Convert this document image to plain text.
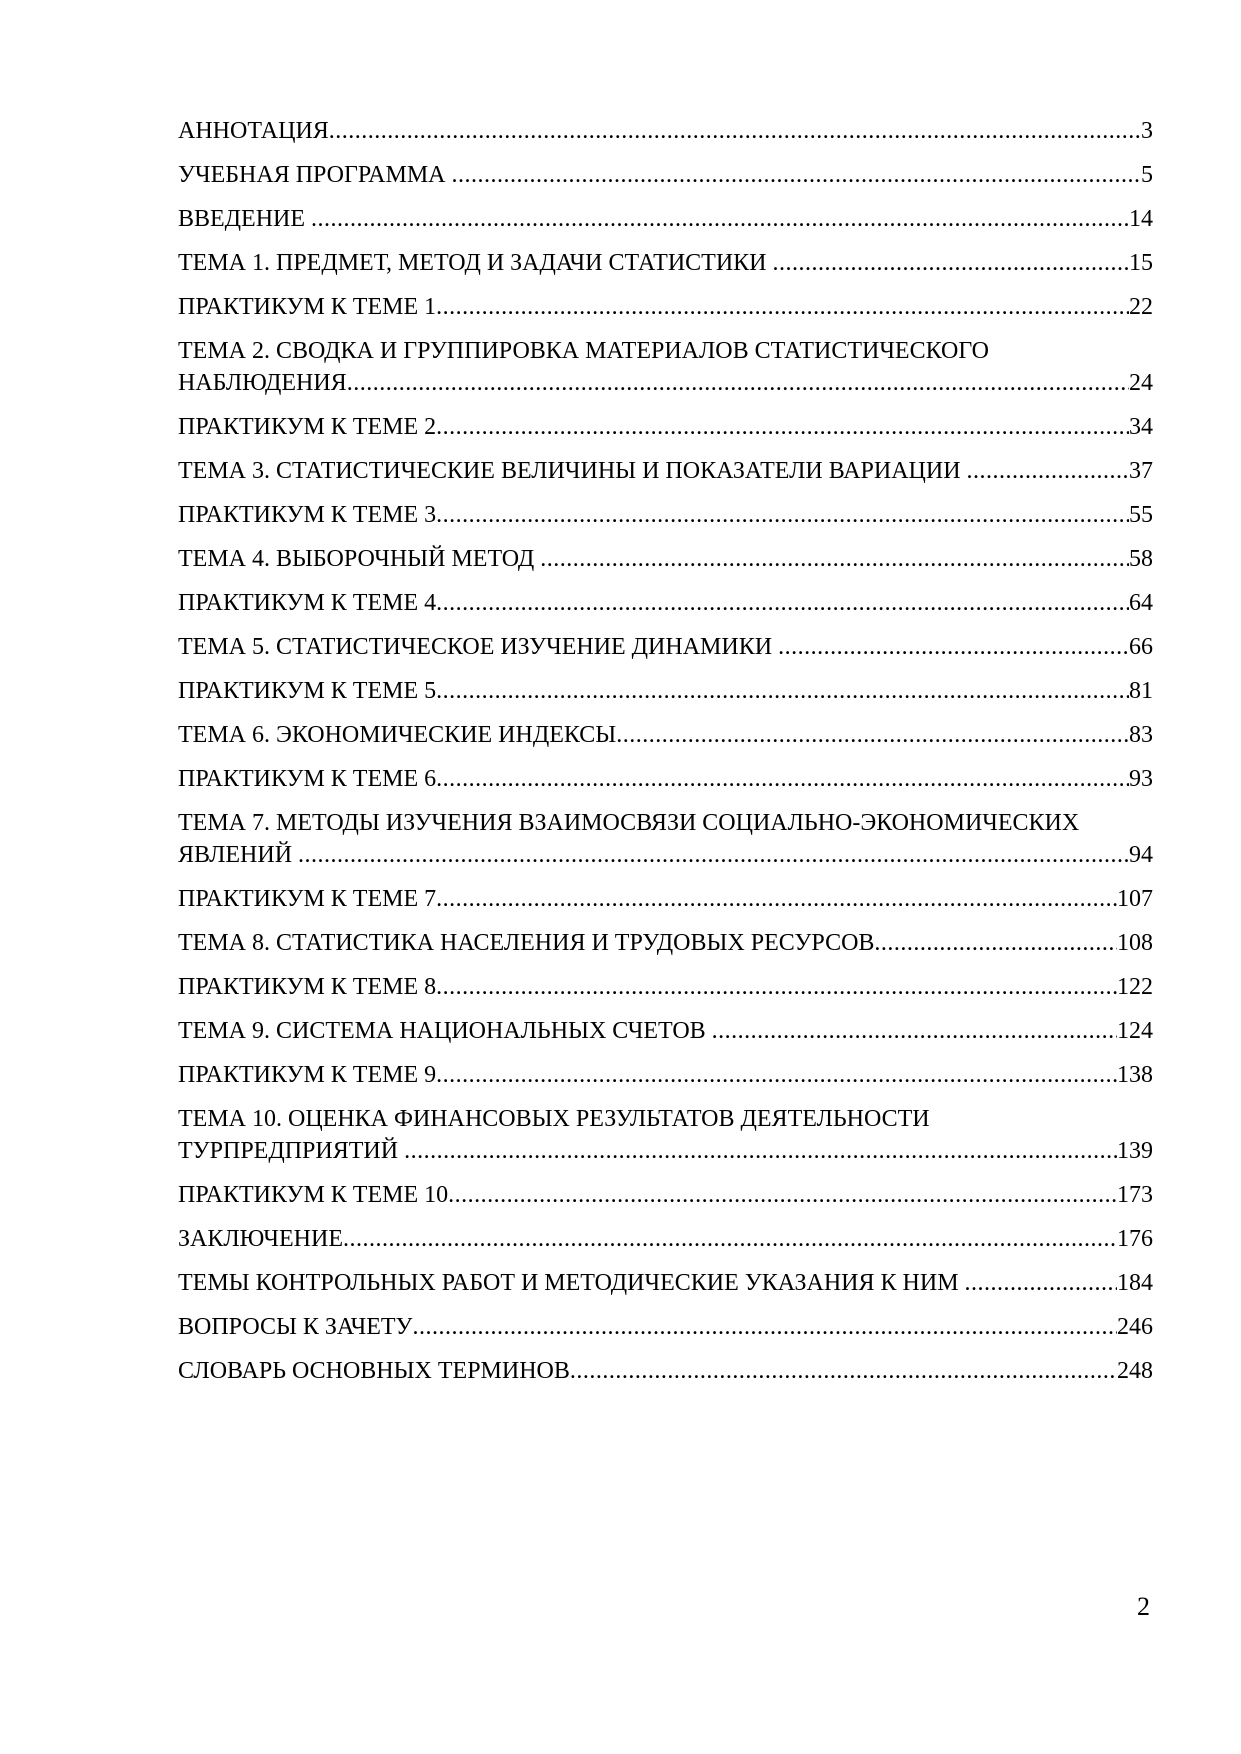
АННОТАЦИЯ .....	3
УЧЕБНАЯ ПРОГРАММА .....	5
ВВЕДЕНИЕ .....	14
ТЕМА 1. ПРЕДМЕТ, МЕТОД И ЗАДАЧИ СТАТИСТИКИ .....	15
ПРАКТИКУМ К ТЕМЕ 1 .....	22
ТЕМА 2. СВОДКА И ГРУППИРОВКА МАТЕРИАЛОВ СТАТИСТИЧЕСКОГО
НАБЛЮДЕНИЯ .....	24
ПРАКТИКУМ К ТЕМЕ 2 .....	34
ТЕМА 3. СТАТИСТИЧЕСКИЕ ВЕЛИЧИНЫ И ПОКАЗАТЕЛИ ВАРИАЦИИ .....	37
ПРАКТИКУМ К ТЕМЕ 3 .....	55
ТЕМА 4. ВЫБОРОЧНЫЙ МЕТОД .....	58
ПРАКТИКУМ К ТЕМЕ 4 .....	64
ТЕМА 5. СТАТИСТИЧЕСКОЕ ИЗУЧЕНИЕ ДИНАМИКИ .....	66
ПРАКТИКУМ К ТЕМЕ 5 .....	81
ТЕМА 6. ЭКОНОМИЧЕСКИЕ ИНДЕКСЫ .....	83
ПРАКТИКУМ К ТЕМЕ 6 .....	93
ТЕМА 7. МЕТОДЫ ИЗУЧЕНИЯ ВЗАИМОСВЯЗИ СОЦИАЛЬНО-ЭКОНОМИЧЕСКИХ
ЯВЛЕНИЙ .....	94
ПРАКТИКУМ К ТЕМЕ 7 .....	107
ТЕМА 8. СТАТИСТИКА НАСЕЛЕНИЯ И ТРУДОВЫХ РЕСУРСОВ .....	108
ПРАКТИКУМ К ТЕМЕ 8 .....	122
ТЕМА 9. СИСТЕМА НАЦИОНАЛЬНЫХ СЧЕТОВ .....	124
ПРАКТИКУМ К ТЕМЕ 9 .....	138
ТЕМА 10. ОЦЕНКА ФИНАНСОВЫХ РЕЗУЛЬТАТОВ ДЕЯТЕЛЬНОСТИ
ТУРПРЕДПРИЯТИЙ .....	139
ПРАКТИКУМ К ТЕМЕ 10 .....	173
ЗАКЛЮЧЕНИЕ .....	176
ТЕМЫ КОНТРОЛЬНЫХ РАБОТ И МЕТОДИЧЕСКИЕ УКАЗАНИЯ К НИМ .....	184
ВОПРОСЫ К ЗАЧЕТУ .....	246
СЛОВАРЬ ОСНОВНЫХ ТЕРМИНОВ .....	248
2
